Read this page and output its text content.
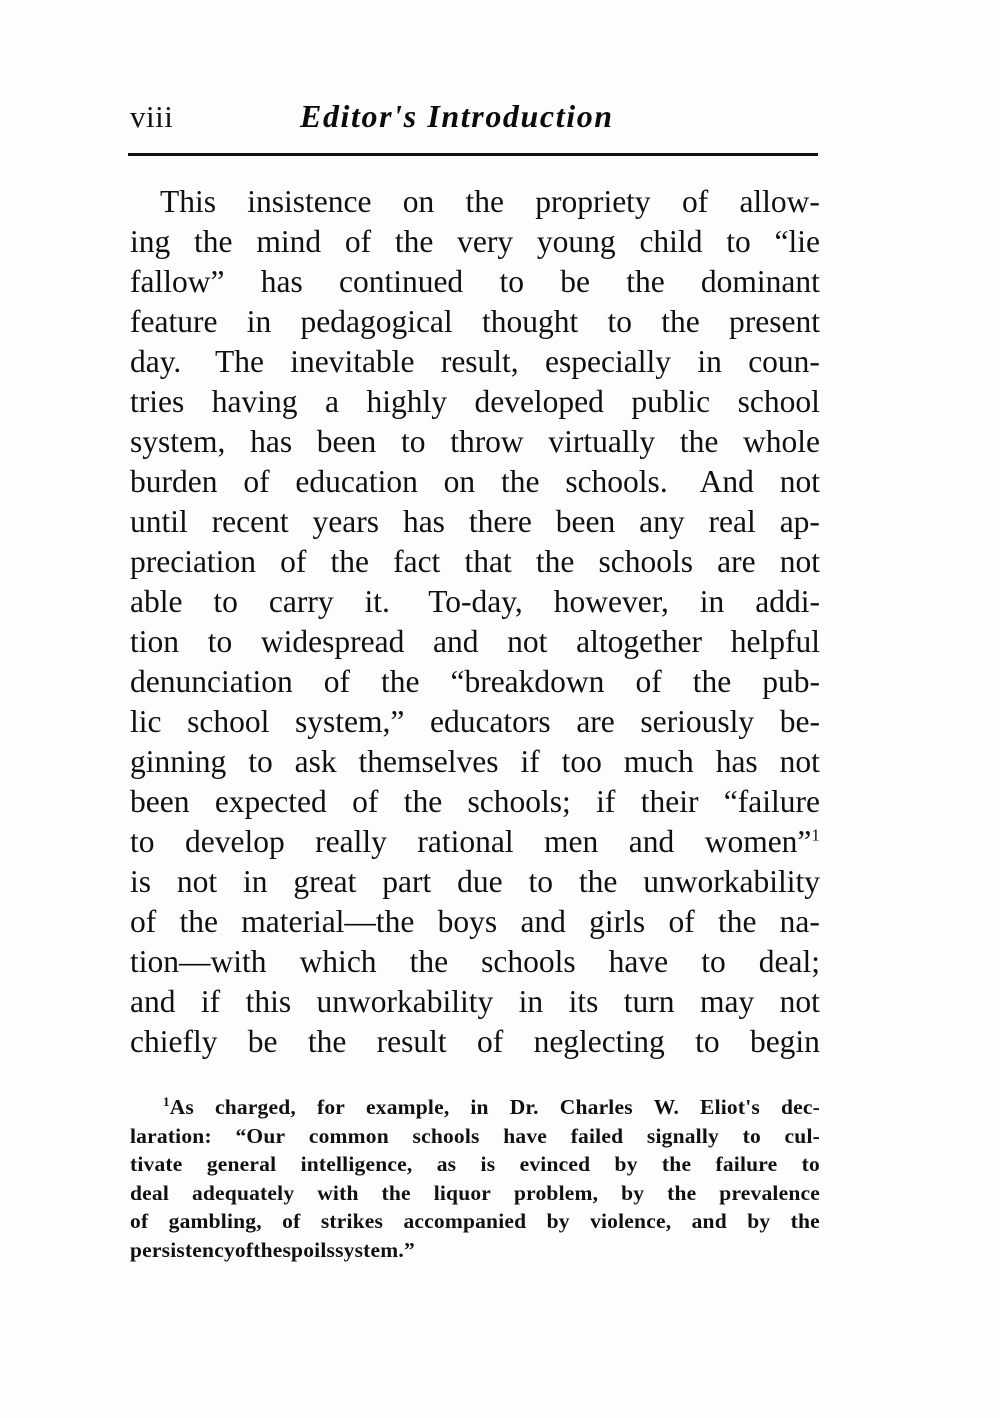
viii	Editor's Introduction
This insistence on the propriety of allow-
ing the mind of the very young child to “lie
fallow” has continued to be the dominant
feature in pedagogical thought to the present
day. The inevitable result, especially in coun-
tries having a highly developed public school
system, has been to throw virtually the whole
burden of education on the schools. And not
until recent years has there been any real ap-
preciation of the fact that the schools are not
able to carry it. To-day, however, in addi-
tion to widespread and not altogether helpful
denunciation of the “breakdown of the pub-
lic school system,” educators are seriously be-
ginning to ask themselves if too much has not
been expected of the schools; if their “failure
to develop really rational men and women”$^1$
is not in great part due to the unworkability
of the material—the boys and girls of the na-
tion—with which the schools have to deal;
and if this unworkability in its turn may not
chiefly be the result of neglecting to begin
$^1$As charged, for example, in Dr. Charles W. Eliot's dec-
laration: “Our common schools have failed signally to cul-
tivate general intelligence, as is evinced by the failure to
deal adequately with the liquor problem, by the prevalence
of gambling, of strikes accompanied by violence, and by the
persistency of the spoils system.”
